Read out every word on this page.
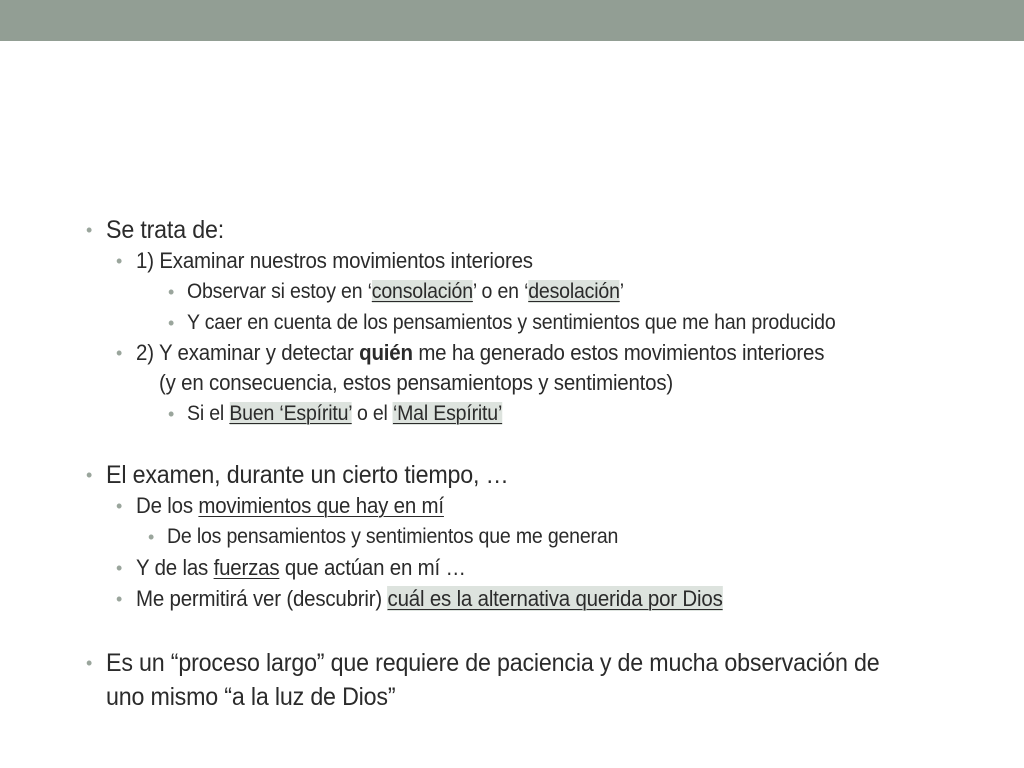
• Se trata de:
• 1) Examinar nuestros movimientos interiores
• Observar si estoy en ‘consolación’ o en ‘desolación’
• Y caer en cuenta de los pensamientos y sentimientos que me han producido
• 2) Y examinar y detectar quién me ha generado estos movimientos interiores
(y en consecuencia, estos pensamientops y sentimientos)
• Si el Buen ‘Espíritu’ o el ‘Mal Espíritu’
• El examen, durante un cierto tiempo, …
• De los movimientos que hay en mí
• De los pensamientos y sentimientos que me generan
• Y de las fuerzas que actúan en mí …
• Me permitirá ver (descubrir) cuál es la alternativa querida por Dios
• Es un “proceso largo” que requiere de paciencia y de mucha observación de
uno mismo “a la luz de Dios”
